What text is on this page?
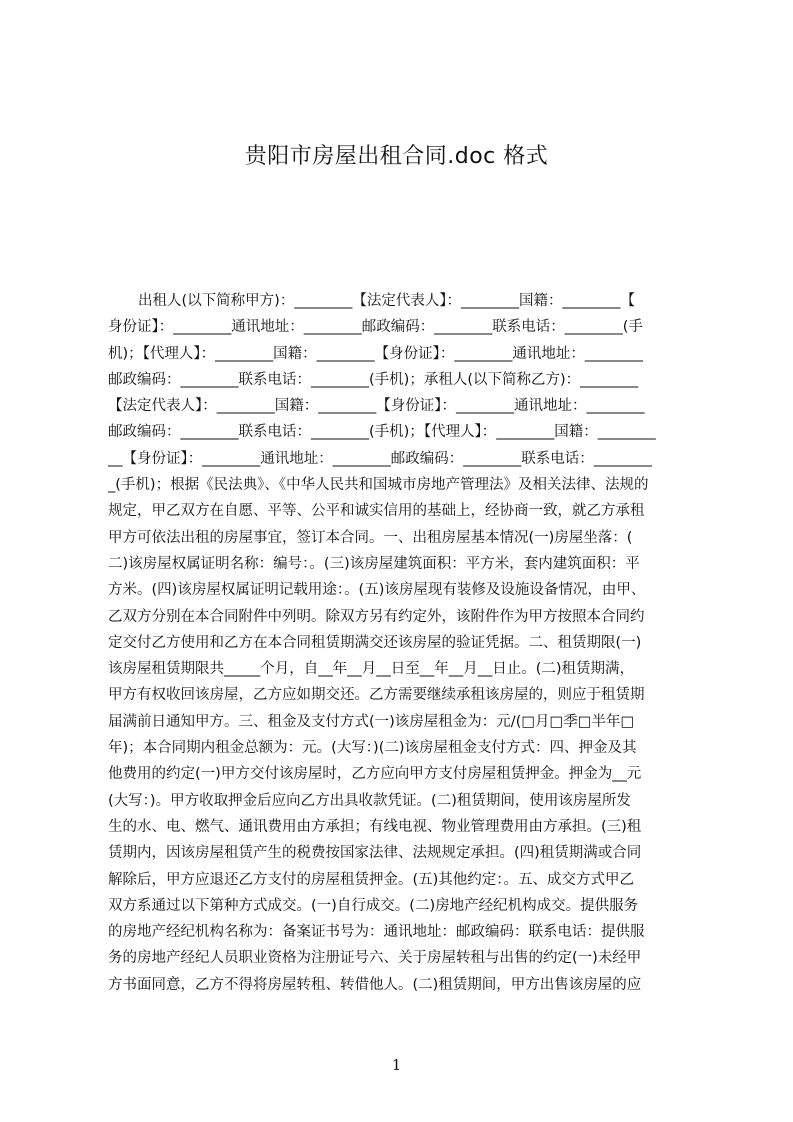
贵阳市房屋出租合同.doc 格式
出租人(以下简称甲方)：________【法定代表人】：________国籍：________【
身份证】：________通讯地址：________邮政编码：________联系电话：________(手
机)；【代理人】：________国籍：________【身份证】：________通讯地址：________
邮政编码：________联系电话：________(手机)；承租人(以下简称乙方)：________
【法定代表人】：________国籍：________【身份证】：________通讯地址：________
邮政编码：________联系电话：________(手机)；【代理人】：________国籍：________
__【身份证】：________通讯地址：________邮政编码：________联系电话：________
_(手机)；根据《民法典》、《中华人民共和国城市房地产管理法》及相关法律、法规的
规定，甲乙双方在自愿、平等、公平和诚实信用的基础上，经协商一致，就乙方承租
甲方可依法出租的房屋事宜，签订本合同。一、出租房屋基本情况(一)房屋坐落：(
二)该房屋权属证明名称：编号：。(三)该房屋建筑面积：平方米，套内建筑面积：平
方米。(四)该房屋权属证明记载用途：。(五)该房屋现有装修及设施设备情况，由甲、
乙双方分别在本合同附件中列明。除双方另有约定外，该附件作为甲方按照本合同约
定交付乙方使用和乙方在本合同租赁期满交还该房屋的验证凭据。二、租赁期限(一)
该房屋租赁期限共_____个月，自__年__月__日至__年__月__日止。(二)租赁期满，
甲方有权收回该房屋，乙方应如期交还。乙方需要继续承租该房屋的，则应于租赁期
届满前日通知甲方。三、租金及支付方式(一)该房屋租金为：元/(□月□季□半年□
年)；本合同期内租金总额为：元。(大写：)(二)该房屋租金支付方式：四、押金及其
他费用的约定(一)甲方交付该房屋时，乙方应向甲方支付房屋租赁押金。押金为__元
(大写：)。甲方收取押金后应向乙方出具收款凭证。(二)租赁期间，使用该房屋所发
生的水、电、燃气、通讯费用由方承担；有线电视、物业管理费用由方承担。(三)租
赁期内，因该房屋租赁产生的税费按国家法律、法规规定承担。(四)租赁期满或合同
解除后，甲方应退还乙方支付的房屋租赁押金。(五)其他约定：。五、成交方式甲乙
双方系通过以下第种方式成交。(一)自行成交。(二)房地产经纪机构成交。提供服务
的房地产经纪机构名称为：备案证书号为：通讯地址：邮政编码：联系电话：提供服
务的房地产经纪人员职业资格为注册证号六、关于房屋转租与出售的约定(一)未经甲
方书面同意，乙方不得将房屋转租、转借他人。(二)租赁期间，甲方出售该房屋的应
1
